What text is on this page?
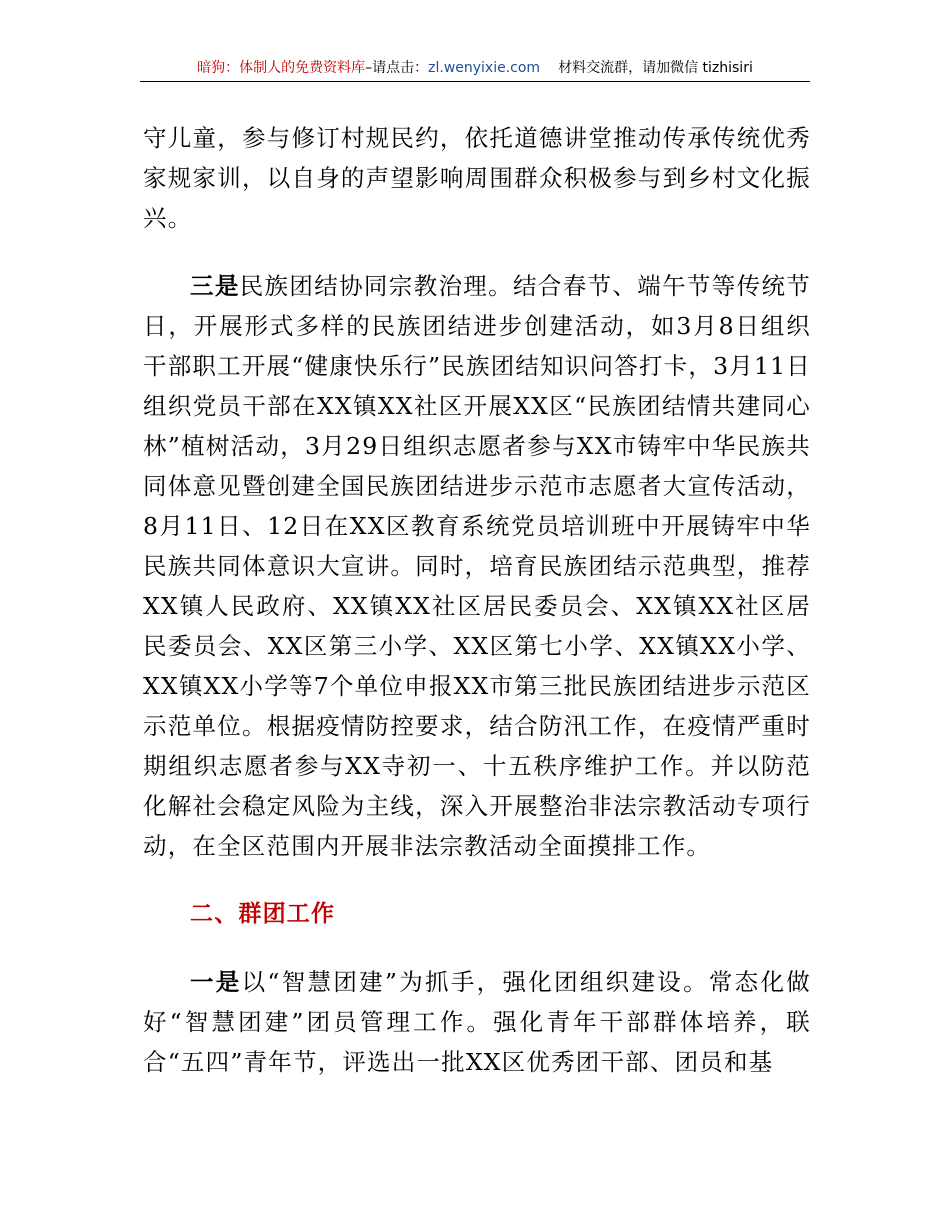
暗狗：体制人的免费资料库–请点击：zl.wenyixie.com 材料交流群，请加微信 tizhisiri

守儿童，参与修订村规民约，依托道德讲堂推动传承传统优秀家规家训，以自身的声望影响周围群众积极参与到乡村文化振兴。

三是民族团结协同宗教治理。结合春节、端午节等传统节日，开展形式多样的民族团结进步创建活动，如3月8日组织干部职工开展“健康快乐行”民族团结知识问答打卡，3月11日组织党员干部在XX镇XX社区开展XX区“民族团结情共建同心林”植树活动，3月29日组织志愿者参与XX市铸牢中华民族共同体意见暨创建全国民族团结进步示范市志愿者大宣传活动，8月11日、12日在XX区教育系统党员培训班中开展铸牢中华民族共同体意识大宣讲。同时，培育民族团结示范典型，推荐XX镇人民政府、XX镇XX社区居民委员会、XX镇XX社区居民委员会、XX区第三小学、XX区第七小学、XX镇XX小学、XX镇XX小学等7个单位申报XX市第三批民族团结进步示范区示范单位。根据疫情防控要求，结合防汛工作，在疫情严重时期组织志愿者参与XX寺初一、十五秩序维护工作。并以防范化解社会稳定风险为主线，深入开展整治非法宗教活动专项行动，在全区范围内开展非法宗教活动全面摸排工作。

二、群团工作

一是以“智慧团建”为抓手，强化团组织建设。常态化做好“智慧团建”团员管理工作。强化青年干部群体培养，联合“五四”青年节，评选出一批XX区优秀团干部、团员和基
